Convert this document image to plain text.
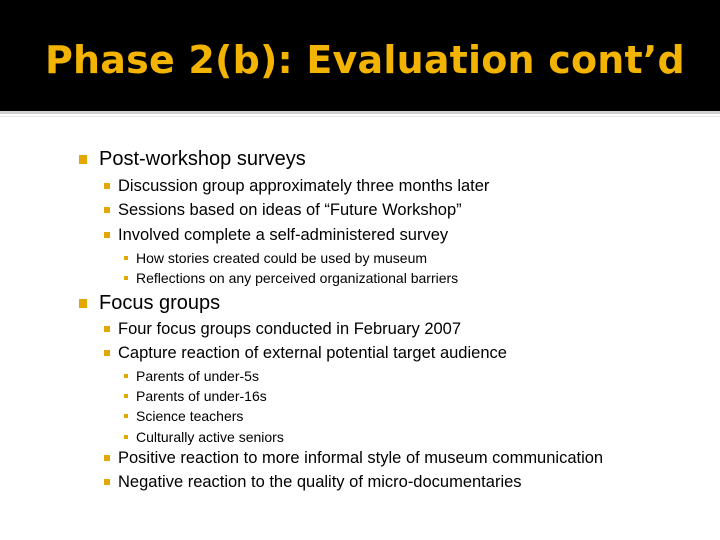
Phase 2(b): Evaluation cont’d
Post-workshop surveys
Discussion group approximately three months later
Sessions based on ideas of “Future Workshop”
Involved complete a self-administered survey
How stories created could be used by museum
Reflections on any perceived organizational barriers
Focus groups
Four focus groups conducted in February 2007
Capture reaction of external potential target audience
Parents of under-5s
Parents of under-16s
Science teachers
Culturally active seniors
Positive reaction to more informal style of museum communication
Negative reaction to the quality of micro-documentaries
